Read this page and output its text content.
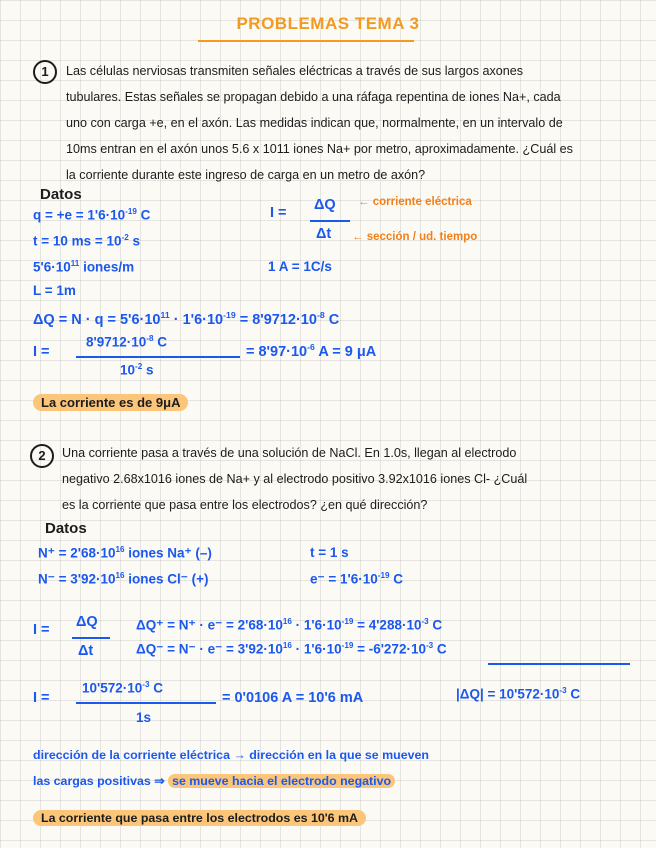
PROBLEMAS TEMA 3
1	Las células nerviosas transmiten señales eléctricas a través de sus largos axones
tubulares. Estas señales se propagan debido a una ráfaga repentina de iones Na+, cada
uno con carga +e, en el axón. Las medidas indican que, normalmente, en un intervalo de
10ms entran en el axón unos 5.6 x 1011 iones Na+ por metro, aproximadamente. ¿Cuál es
la corriente durante este ingreso de carga en un metro de axón?
Datos
$q = +e = 1'6\cdot 10^{-19}$ C
t = 10 ms = $10^{-2}$ s
$5'6\cdot 10^{11}$ iones/m
L = 1m
I = ΔQ
Δt
← corriente eléctrica
← sección / ud. tiempo
1 A = 1C/s
$\Delta Q = N \cdot q = 5'6\cdot 10^{11} \cdot 1'6\cdot 10^{-19} = 8'9712\cdot 10^{-8}$ C
I =
$8'9712\cdot 10^{-8}$ C
$10^{-2}$ s
= $8'97\cdot 10^{-6}$ A = 9 μA
La corriente es de 9μA
2	Una corriente pasa a través de una solución de NaCl. En 1.0s, llegan al electrodo
negativo 2.68x1016 iones de Na+ y al electrodo positivo 3.92x1016 iones Cl- ¿Cuál
es la corriente que pasa entre los electrodos? ¿en qué dirección?
Datos
$N^+ = 2'68\cdot 10^{16}$ iones Na⁺ (–)
$N^- = 3'92\cdot 10^{16}$ iones Cl⁻ (+)
t = 1 s
$e^- = 1'6\cdot 10^{-19}$ C
I = ΔQ
Δt
$\Delta Q^+ = N^+ \cdot e^- = 2'68\cdot 10^{16} \cdot 1'6\cdot 10^{-19} = 4'288\cdot 10^{-3}$ C
$\Delta Q^- = N^- \cdot e^- = 3'92\cdot 10^{16} \cdot 1'6\cdot 10^{-19} = -6'272\cdot 10^{-3}$ C
I =
$10'572\cdot 10^{-3}$ C
1s
= 0'0106 A = 10'6 mA	$|\Delta Q| = 10'572\cdot 10^{-3}$ C
dirección de la corriente eléctrica → dirección en la que se mueven
las cargas positivas ⇒ se mueve hacia el electrodo negativo
La corriente que pasa entre los electrodos es 10'6 mA
